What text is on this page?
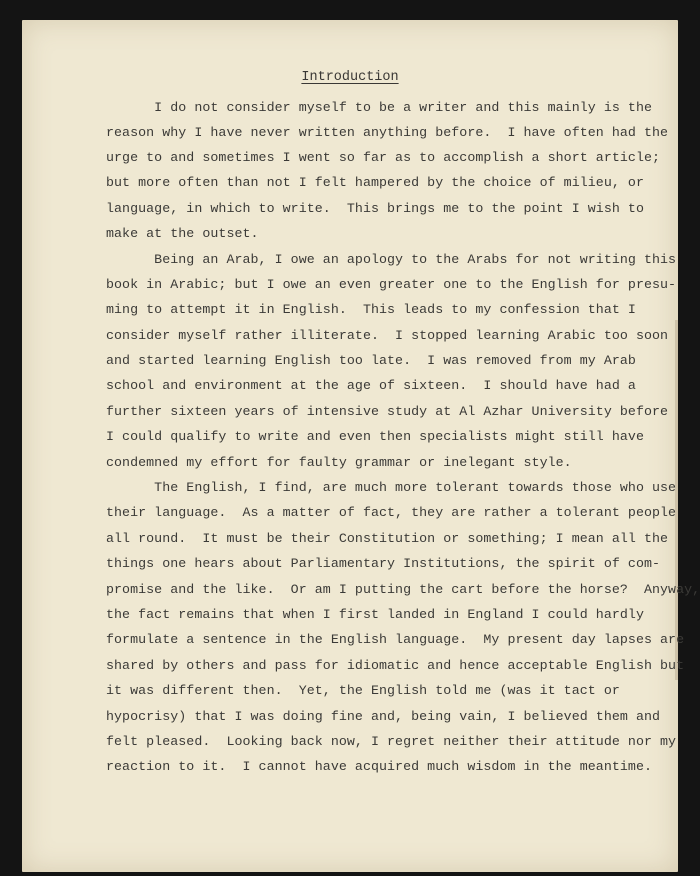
Introduction
I do not consider myself to be a writer and this mainly is the
reason why I have never written anything before.  I have often had the
urge to and sometimes I went so far as to accomplish a short article;
but more often than not I felt hampered by the choice of milieu, or
language, in which to write.  This brings me to the point I wish to
make at the outset.
Being an Arab, I owe an apology to the Arabs for not writing this
book in Arabic; but I owe an even greater one to the English for presu-
ming to attempt it in English.  This leads to my confession that I
consider myself rather illiterate.  I stopped learning Arabic too soon
and started learning English too late.  I was removed from my Arab
school and environment at the age of sixteen.  I should have had a
further sixteen years of intensive study at Al Azhar University before
I could qualify to write and even then specialists might still have
condemned my effort for faulty grammar or inelegant style.
The English, I find, are much more tolerant towards those who use
their language.  As a matter of fact, they are rather a tolerant people
all round.  It must be their Constitution or something; I mean all the
things one hears about Parliamentary Institutions, the spirit of com-
promise and the like.  Or am I putting the cart before the horse?  Anyway,
the fact remains that when I first landed in England I could hardly
formulate a sentence in the English language.  My present day lapses are
shared by others and pass for idiomatic and hence acceptable English but
it was different then.  Yet, the English told me (was it tact or
hypocrisy) that I was doing fine and, being vain, I believed them and
felt pleased.  Looking back now, I regret neither their attitude nor my
reaction to it.  I cannot have acquired much wisdom in the meantime.
